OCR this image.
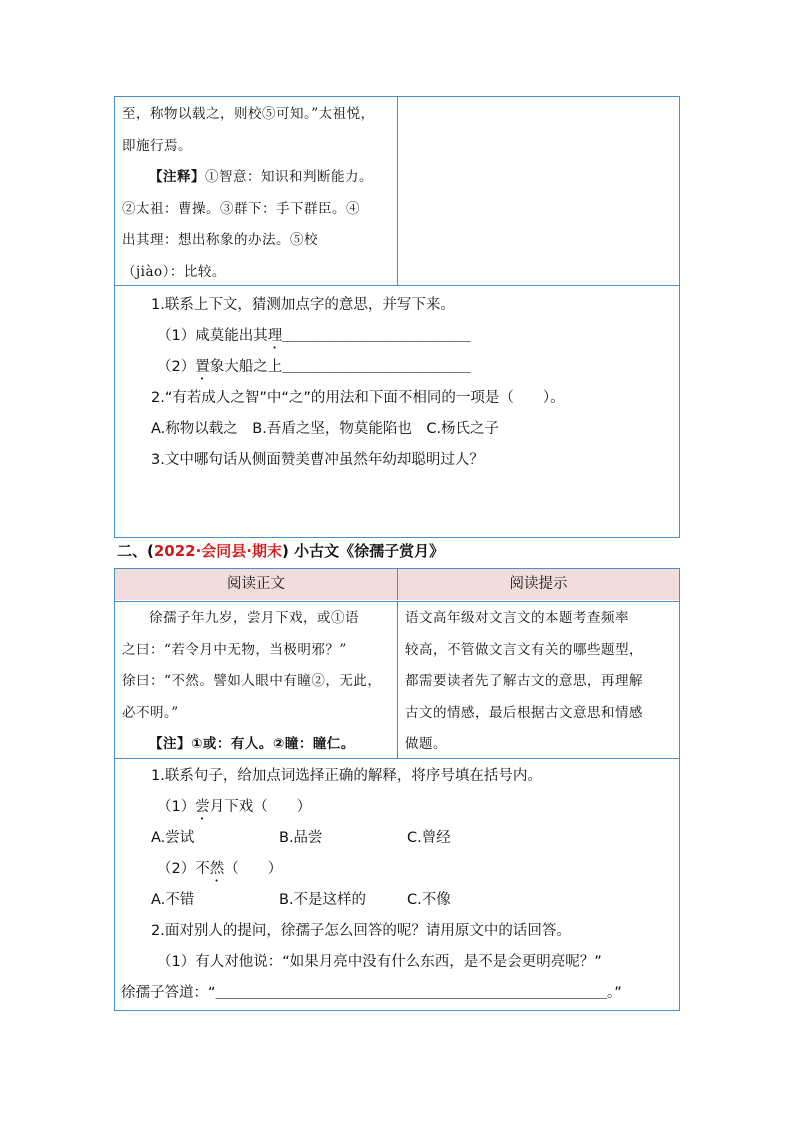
至，称物以载之，则校⑤可知。”太祖悦，
即施行焉。
【注释】①智意：知识和判断能力。
②太祖：曹操。③群下：手下群臣。④
出其理：想出称象的办法。⑤校
（jiào）：比较。
1.联系上下文，猜测加点字的意思，并写下来。
（1）咸莫能出其理＿＿＿＿＿＿＿＿＿＿＿＿＿
（2）置象大船之上＿＿＿＿＿＿＿＿＿＿＿＿＿
2.“有若成人之智”中“之”的用法和下面不相同的一项是（　　）。
A.称物以载之　B.吾盾之坚，物莫能陷也　C.杨氏之子
3.文中哪句话从侧面赞美曹冲虽然年幼却聪明过人？
二、(2022·会同县·期末) 小古文《徐孺子赏月》
阅读正文	阅读提示
徐孺子年九岁，尝月下戏，或①语
之曰：“若令月中无物，当极明邪？”
徐曰：“不然。譬如人眼中有瞳②，无此，
必不明。”
【注】①或：有人。②瞳：瞳仁。
语文高年级对文言文的本题考查频率
较高，不管做文言文有关的哪些题型，
都需要读者先了解古文的意思，再理解
古文的情感，最后根据古文意思和情感
做题。
1.联系句子，给加点词选择正确的解释，将序号填在括号内。
（1）尝月下戏（　　）
A.尝试	B.品尝	C.曾经
（2）不然（　　）
A.不错	B.不是这样的	C.不像
2.面对别人的提问，徐孺子怎么回答的呢？请用原文中的话回答。
（1）有人对他说：“如果月亮中没有什么东西，是不是会更明亮呢？”
徐孺子答道：“＿＿＿＿＿＿＿＿＿＿＿＿＿＿＿＿＿＿＿＿＿＿＿＿＿＿＿。”
